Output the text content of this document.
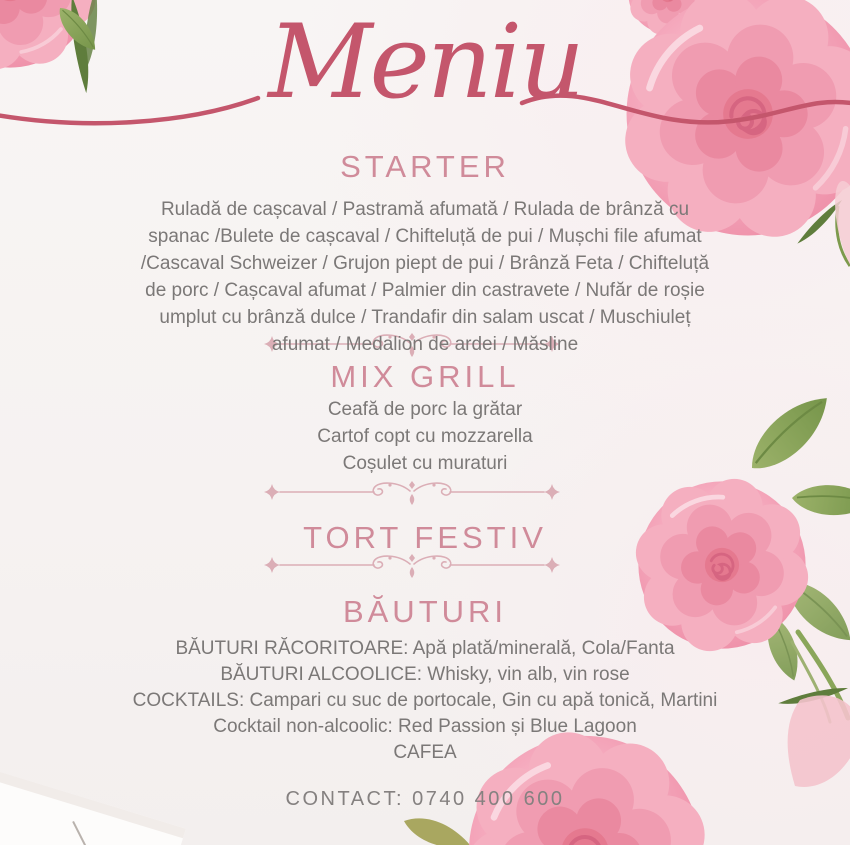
Meniu
STARTER
Ruladă de cașcaval / Pastramă afumată / Rulada de brânză cu
spanac /Bulete de cașcaval / Chifteluță de pui / Mușchi file afumat
/Cascaval Schweizer / Grujon piept de pui / Brânză Feta / Chifteluță
de porc / Cașcaval afumat / Palmier din castravete / Nufăr de roșie
umplut cu brânză dulce / Trandafir din salam uscat / Muschiuleț
afumat / Medalion de ardei / Măsline
MIX GRILL
Ceafă de porc la grătar
Cartof copt cu mozzarella
Coșulet cu muraturi
TORT FESTIV
BĂUTURI
BĂUTURI RĂCORITOARE: Apă plată/minerală, Cola/Fanta
BĂUTURI ALCOOLICE: Whisky, vin alb, vin rose
COCKTAILS: Campari cu suc de portocale, Gin cu apă tonică, Martini
Cocktail non-alcoolic: Red Passion și Blue Lagoon
CAFEA
CONTACT: 0740 400 600
